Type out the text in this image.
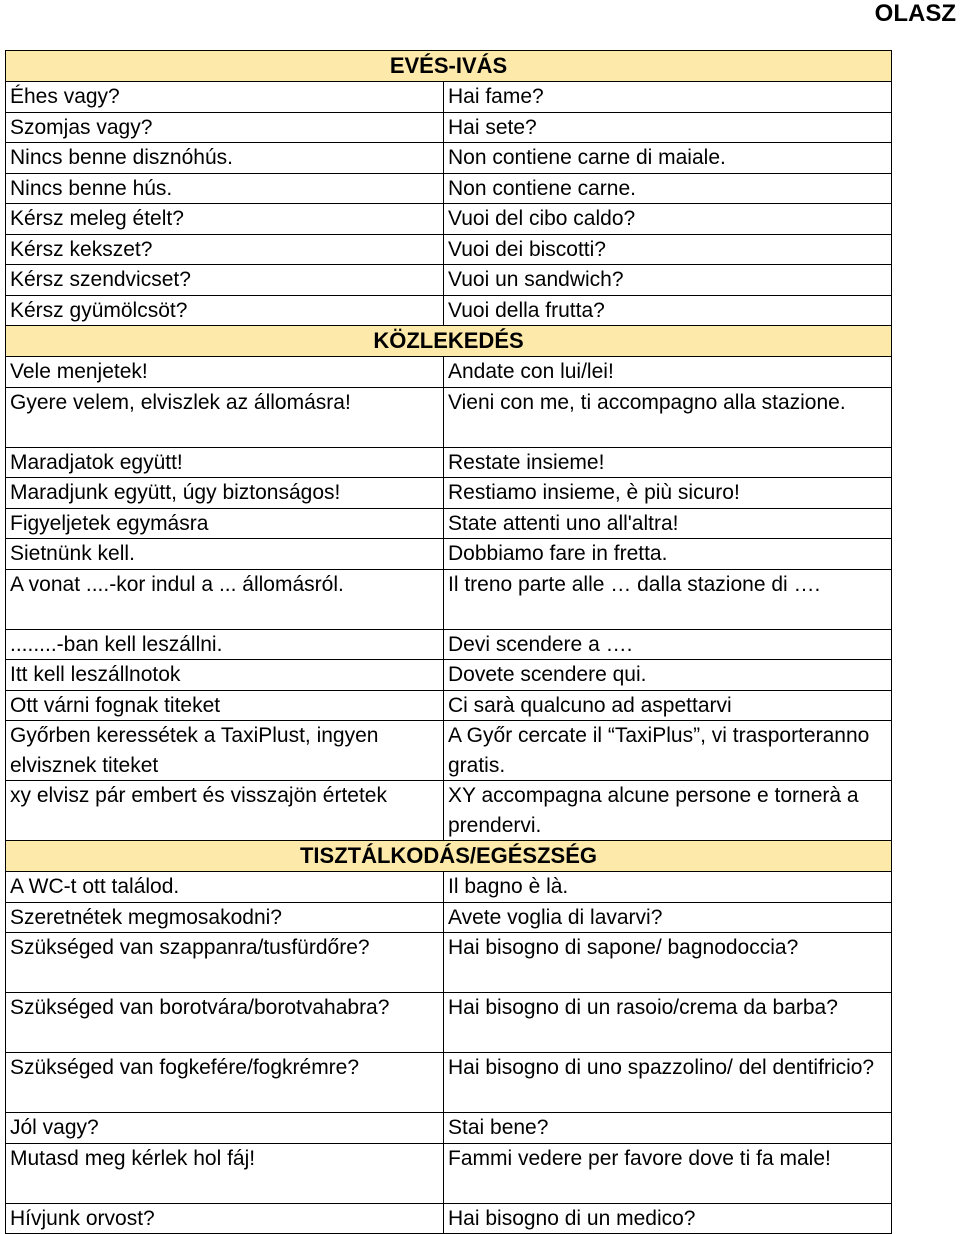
OLASZ
EVÉS-IVÁS	
Éhes vagy?	Hai fame?
Szomjas vagy?	Hai sete?
Nincs benne disznóhús.	Non contiene carne di maiale.
Nincs benne hús.	Non contiene carne.
Kérsz meleg ételt?	Vuoi del cibo caldo?
Kérsz kekszet?	Vuoi dei biscotti?
Kérsz szendvicset?	Vuoi un sandwich?
Kérsz gyümölcsöt?	Vuoi della frutta?
KÖZLEKEDÉS	
Vele menjetek!	Andate con lui/lei!
Gyere velem, elviszlek az állomásra!	Vieni con me, ti accompagno alla stazione.
Maradjatok együtt!	Restate insieme!
Maradjunk együtt, úgy biztonságos!	Restiamo insieme, è più sicuro!
Figyeljetek egymásra	State attenti uno all'altra!
Sietnünk kell.	Dobbiamo fare in fretta.
A vonat ....-kor indul a ... állomásról.	Il treno parte alle … dalla stazione di ….
........-ban kell leszállni.	Devi scendere a ….
Itt kell leszállnotok	Dovete scendere qui.
Ott várni fognak titeket	Ci sarà qualcuno ad aspettarvi
Győrben keressétek a TaxiPlust, ingyen elvisznek titeket	A Győr cercate il “TaxiPlus”, vi trasporteranno gratis.
xy elvisz pár embert és visszajön értetek	XY accompagna alcune persone e tornerà a prendervi.
TISZTÁLKODÁS/EGÉSZSÉG	
A WC-t ott találod.	Il bagno è là.
Szeretnétek megmosakodni?	Avete voglia di lavarvi?
Szükséged van szappanra/tusfürdőre?	Hai bisogno di sapone/ bagnodoccia?
Szükséged van borotvára/borotvahabra?	Hai bisogno di un rasoio/crema da barba?
Szükséged van fogkefére/fogkrémre?	Hai bisogno di uno spazzolino/ del dentifricio?
Jól vagy?	Stai bene?
Mutasd meg kérlek hol fáj!	Fammi vedere per favore dove ti fa male!
Hívjunk orvost?	Hai bisogno di un medico?
